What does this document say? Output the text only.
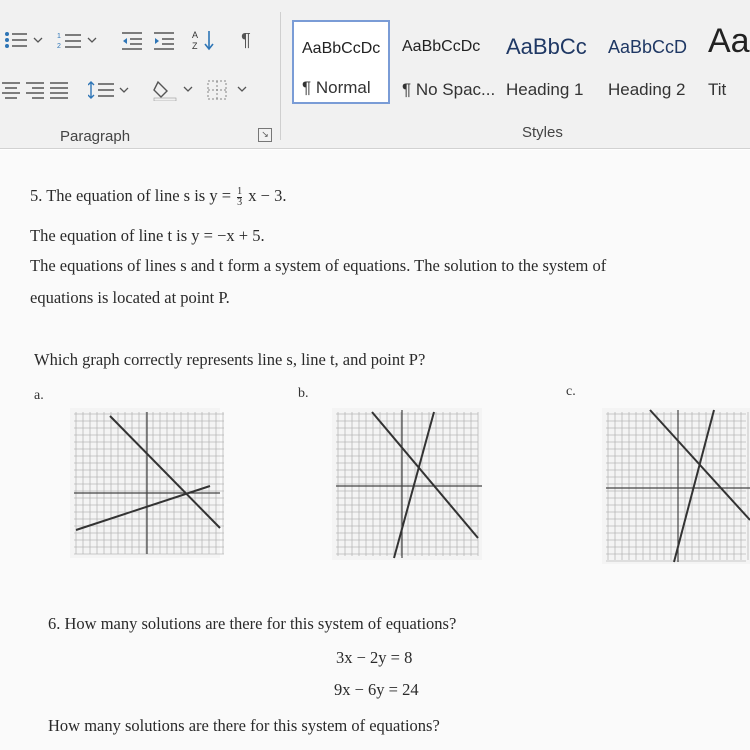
1
2
A
Z ¶
Paragraph	↘
AaBbCcDc
¶ Normal
AaBbCcDc
¶ No Spac...
AaBbCc
Heading 1
AaBbCcD
Heading 2
Aa
Tit
Styles
5. The equation of line s is $y = \frac{1}{3}$ x − 3.
The equation of line t is y = −x + 5.
The equations of lines s and t form a system of equations. The solution to the system of
equations is located at point P.
Which graph correctly represents line s, line t, and point P?
a.	b.	c.
6. How many solutions are there for this system of equations?
3x − 2y = 8
9x − 6y = 24
How many solutions are there for this system of equations?
